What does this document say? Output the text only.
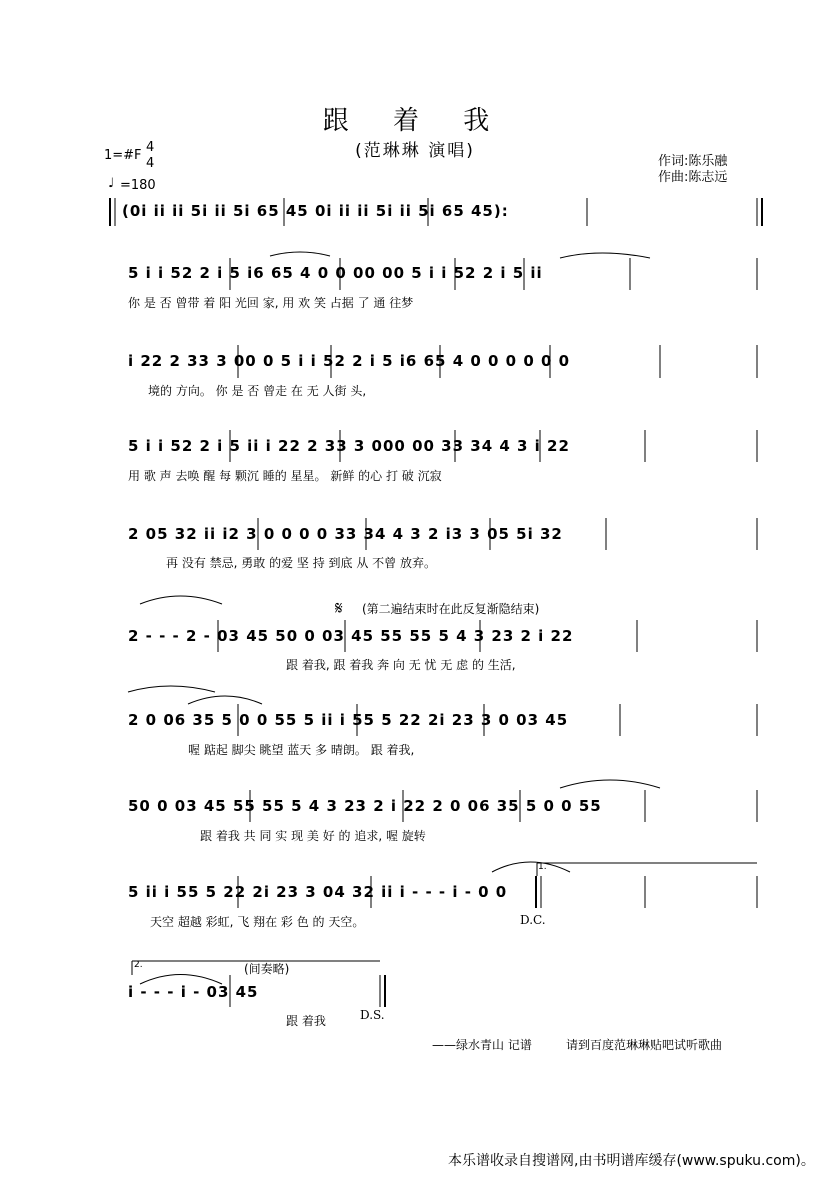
跟 着 我
(范琳琳 演唱)
作词:陈乐融
作曲:陈志远
1=#F
4
4
♩ =180
(0i ii ii 5i ii 5i 65 45 0i ii ii 5i ii 5i 65 45):
5 i i 52 2 i 5 i6 65 4 0 0 00 00 5 i i 52 2 i 5 ii
你 是 否 曾带 着 阳 光回 家, 用 欢 笑 占据 了 通 往梦
i 22 2 33 3 00 0 5 i i 52 2 i 5 i6 65 4 0 0 0 0 0 0
境的 方向。 你 是 否 曾走 在 无 人街 头,
5 i i 52 2 i 5 ii i 22 2 33 3 000 00 33 34 4 3 i 22
用 歌 声 去唤 醒 每 颗沉 睡的 星星。 新鲜 的心 打 破 沉寂
2 05 32 ii i2 3 0 0 0 0 33 34 4 3 2 i3 3 05 5i 32
再 没有 禁忌, 勇敢 的爱 坚 持 到底 从 不曾 放弃。
𝄋 (第二遍结束时在此反复渐隐结束)
2 - - - 2 - 03 45 50 0 03 45 55 55 5 4 3 23 2 i 22
跟 着我, 跟 着我 奔 向 无 忧 无 虑 的 生活,
2 0 06 35 5 0 0 55 5 ii i 55 5 22 2i 23 3 0 03 45
喔 踮起 脚尖 眺望 蓝天 多 晴朗。 跟 着我,
50 0 03 45 55 55 5 4 3 23 2 i 22 2 0 06 35 5 0 0 55
跟 着我 共 同 实 现 美 好 的 追求, 喔 旋转
1.
5 ii i 55 5 22 2i 23 3 04 32 ii i - - - i - 0 0
天空 超越 彩虹, 飞 翔在 彩 色 的 天空。	D.C.
2.	(间奏略)
i - - - i - 03 45
跟 着我	D.S.
——绿水青山 记谱	请到百度范琳琳贴吧试听歌曲
本乐谱收录自搜谱网,由书明谱库缓存(www.spuku.com)。
